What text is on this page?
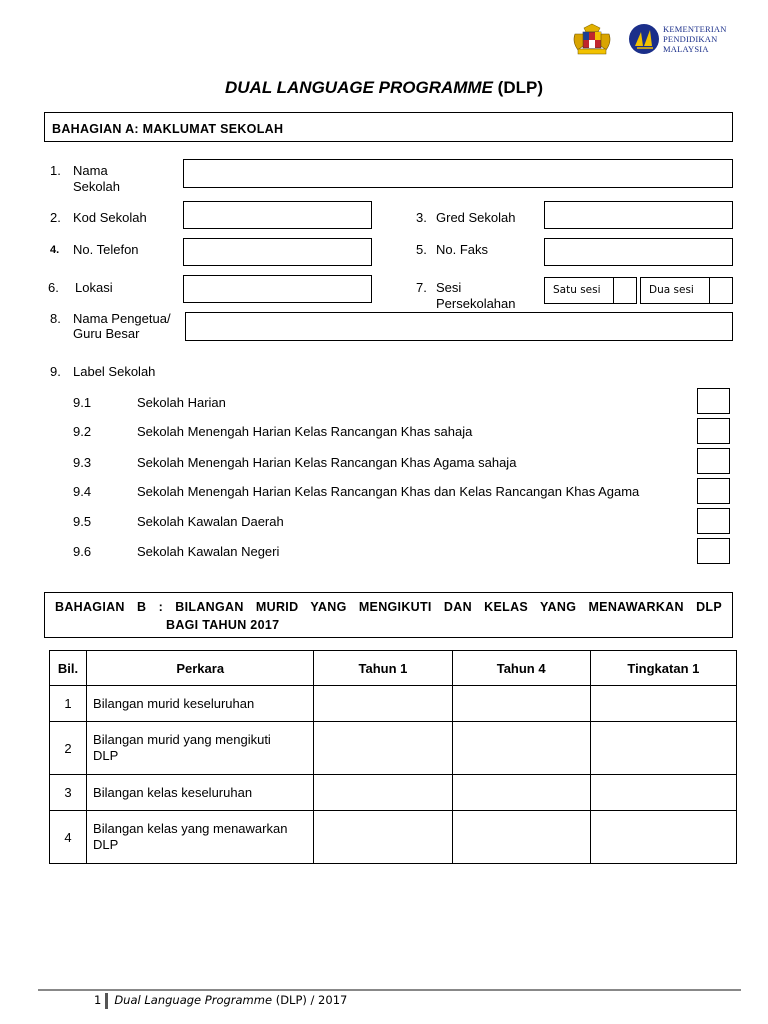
KEMENTERIAN
PENDIDIKAN
MALAYSIA
DUAL LANGUAGE PROGRAMME (DLP)
BAHAGIAN A: MAKLUMAT SEKOLAH
1. Nama
Sekolah
2. Kod Sekolah	3. Gred Sekolah
4. No. Telefon	5. No. Faks
6. Lokasi	7. Sesi
Persekolahan
Satu sesi	Dua sesi
8. Nama Pengetua/
Guru Besar
9. Label Sekolah
9.1	Sekolah Harian
9.2	Sekolah Menengah Harian Kelas Rancangan Khas sahaja
9.3	Sekolah Menengah Harian Kelas Rancangan Khas Agama sahaja
9.4	Sekolah Menengah Harian Kelas Rancangan Khas dan Kelas Rancangan Khas Agama
9.5	Sekolah Kawalan Daerah
9.6	Sekolah Kawalan Negeri
BAHAGIAN B : BILANGAN MURID YANG MENGIKUTI DAN KELAS YANG MENAWARKAN DLP
BAGI TAHUN 2017
Bil.	Perkara	Tahun 1	Tahun 4	Tingkatan 1
1	Bilangan murid keseluruhan			
2	Bilangan murid yang mengikuti DLP			
3	Bilangan kelas keseluruhan			
4	Bilangan kelas yang menawarkan DLP			
1 Dual Language Programme (DLP) / 2017
